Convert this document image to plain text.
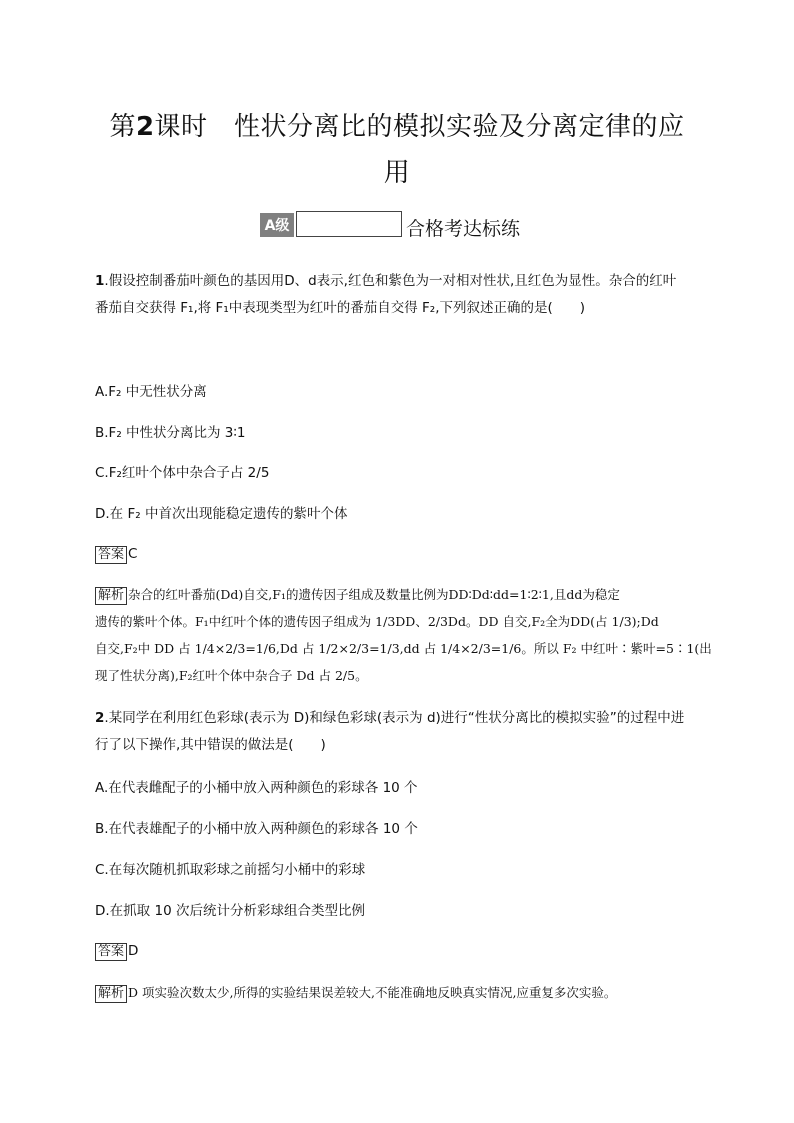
第2课时　性状分离比的模拟实验及分离定律的应
用
A级	合格考达标练
1.假设控制番茄叶颜色的基因用D、d表示,红色和紫色为一对相对性状,且红色为显性。杂合的红叶
番茄自交获得 F₁,将 F₁中表现类型为红叶的番茄自交得 F₂,下列叙述正确的是(　　)
A.F₂ 中无性状分离
B.F₂ 中性状分离比为 3∶1
C.F₂红叶个体中杂合子占 2/5
D.在 F₂ 中首次出现能稳定遗传的紫叶个体
答案 C
解析 杂合的红叶番茄(Dd)自交,F₁的遗传因子组成及数量比例为DD∶Dd∶dd=1∶2∶1,且dd为稳定
遗传的紫叶个体。F₁中红叶个体的遗传因子组成为 1/3DD、2/3Dd。DD 自交,F₂全为DD(占 1/3);Dd
自交,F₂中 DD 占 1/4×2/3=1/6,Dd 占 1/2×2/3=1/3,dd 占 1/4×2/3=1/6。所以 F₂ 中红叶∶紫叶=5∶1(出
现了性状分离),F₂红叶个体中杂合子 Dd 占 2/5。
2.某同学在利用红色彩球(表示为 D)和绿色彩球(表示为 d)进行“性状分离比的模拟实验”的过程中进
行了以下操作,其中错误的做法是(　　)
A.在代表雌配子的小桶中放入两种颜色的彩球各 10 个
B.在代表雄配子的小桶中放入两种颜色的彩球各 10 个
C.在每次随机抓取彩球之前摇匀小桶中的彩球
D.在抓取 10 次后统计分析彩球组合类型比例
答案 D
解析 D 项实验次数太少,所得的实验结果误差较大,不能准确地反映真实情况,应重复多次实验。
